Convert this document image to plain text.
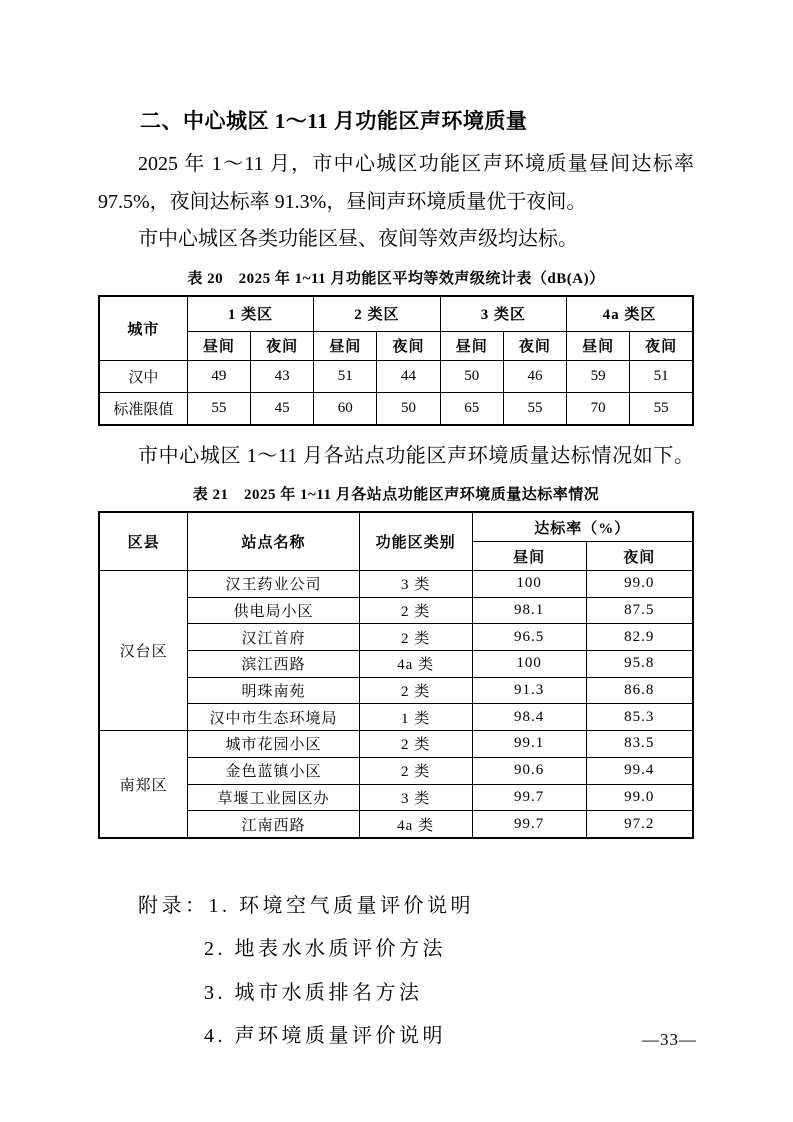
二、中心城区 1～11 月功能区声环境质量

2025 年 1～11 月，市中心城区功能区声环境质量昼间达标率

97.5%，夜间达标率 91.3%，昼间声环境质量优于夜间。

市中心城区各类功能区昼、夜间等效声级均达标。

表 20　2025 年 1~11 月功能区平均等效声级统计表（dB(A)）
城市	1 类区		2 类区		3 类区		4a 类区	
	昼间	夜间	昼间	夜间	昼间	夜间	昼间	夜间
汉中	49	43	51	44	50	46	59	51
标准限值	55	45	60	50	65	55	70	55

市中心城区 1～11 月各站点功能区声环境质量达标情况如下。

表 21　2025 年 1~11 月各站点功能区声环境质量达标率情况
区县	站点名称	功能区类别	达标率（%）	
			昼间	夜间
汉台区	汉王药业公司	3 类	100	99.0
	供电局小区	2 类	98.1	87.5
	汉江首府	2 类	96.5	82.9
	滨江西路	4a 类	100	95.8
	明珠南苑	2 类	91.3	86.8
	汉中市生态环境局	1 类	98.4	85.3
南郑区	城市花园小区	2 类	99.1	83.5
	金色蓝镇小区	2 类	90.6	99.4
	草堰工业园区办	3 类	99.7	99.0
	江南西路	4a 类	99.7	97.2
附录：1. 环境空气质量评价说明
2. 地表水水质评价方法
3. 城市水质排名方法
4. 声环境质量评价说明	—33—
